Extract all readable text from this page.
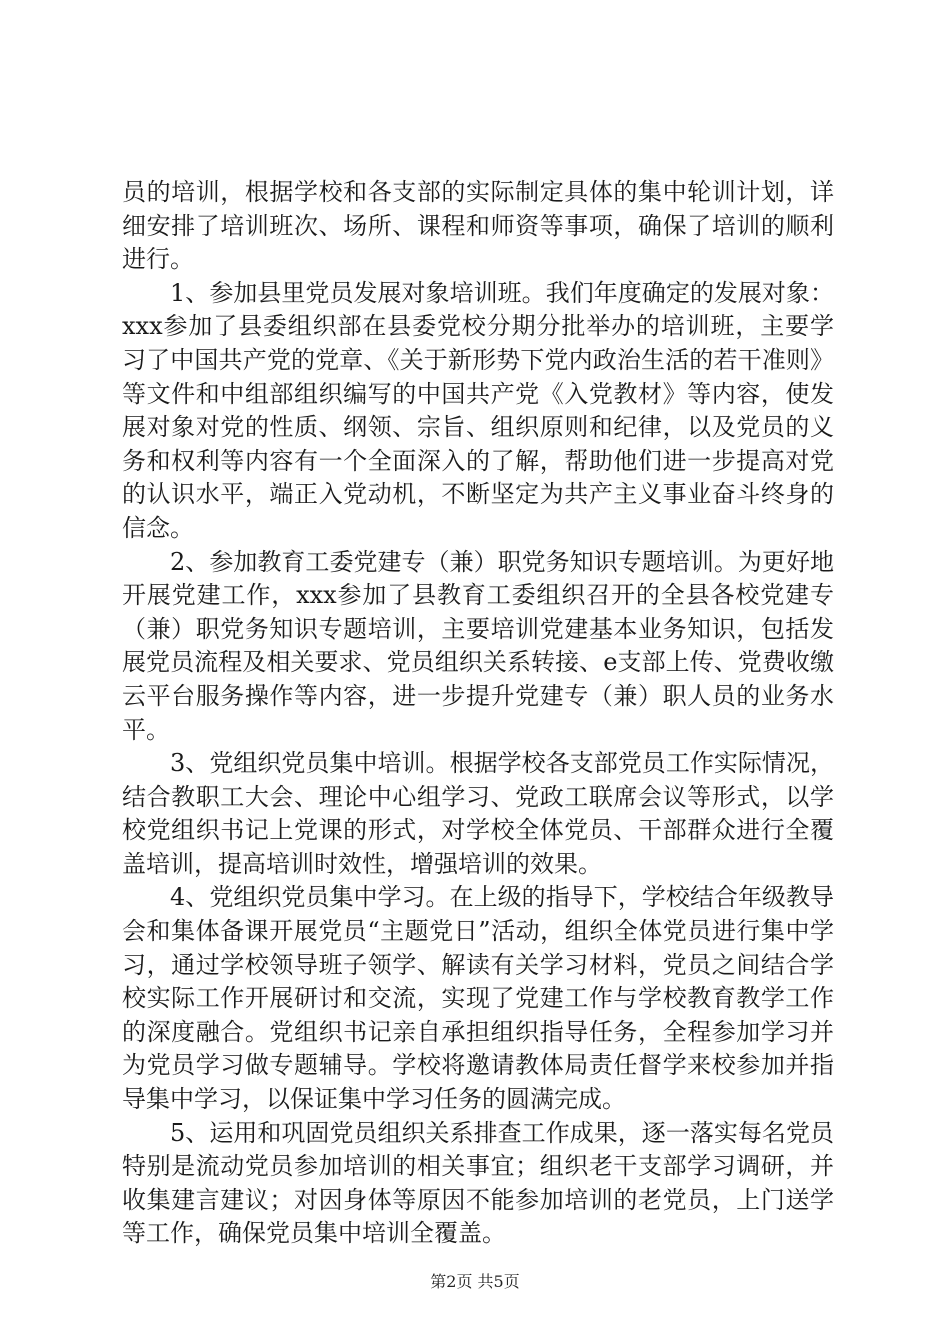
员的培训，根据学校和各支部的实际制定具体的集中轮训计划，详细安排了培训班次、场所、课程和师资等事项，确保了培训的顺利进行。

1、参加县里党员发展对象培训班。我们年度确定的发展对象：xxx参加了县委组织部在县委党校分期分批举办的培训班，主要学习了中国共产党的党章、《关于新形势下党内政治生活的若干准则》等文件和中组部组织编写的中国共产党《入党教材》等内容，使发展对象对党的性质、纲领、宗旨、组织原则和纪律，以及党员的义务和权利等内容有一个全面深入的了解，帮助他们进一步提高对党的认识水平，端正入党动机，不断坚定为共产主义事业奋斗终身的信念。

2、参加教育工委党建专（兼）职党务知识专题培训。为更好地开展党建工作，xxx参加了县教育工委组织召开的全县各校党建专（兼）职党务知识专题培训，主要培训党建基本业务知识，包括发展党员流程及相关要求、党员组织关系转接、e支部上传、党费收缴云平台服务操作等内容，进一步提升党建专（兼）职人员的业务水平。

3、党组织党员集中培训。根据学校各支部党员工作实际情况，结合教职工大会、理论中心组学习、党政工联席会议等形式，以学校党组织书记上党课的形式，对学校全体党员、干部群众进行全覆盖培训，提高培训时效性，增强培训的效果。

4、党组织党员集中学习。在上级的指导下，学校结合年级教导会和集体备课开展党员“主题党日”活动，组织全体党员进行集中学习，通过学校领导班子领学、解读有关学习材料，党员之间结合学校实际工作开展研讨和交流，实现了党建工作与学校教育教学工作的深度融合。党组织书记亲自承担组织指导任务，全程参加学习并为党员学习做专题辅导。学校将邀请教体局责任督学来校参加并指导集中学习，以保证集中学习任务的圆满完成。

5、运用和巩固党员组织关系排查工作成果，逐一落实每名党员特别是流动党员参加培训的相关事宜；组织老干支部学习调研，并收集建言建议；对因身体等原因不能参加培训的老党员，上门送学等工作，确保党员集中培训全覆盖。

第2页 共5页
